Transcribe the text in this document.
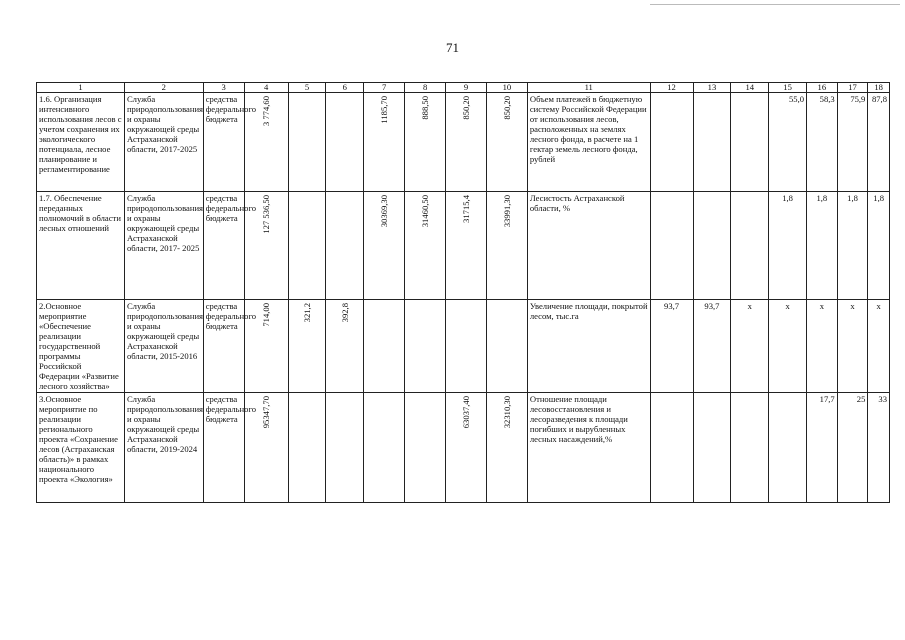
71
1	2	3	4	5	6	7	8	9	10	11	12	13	14	15	16	17	18
1.6. Организация интенсивного использования лесов с учетом сохранения их экологического потенциала, лесное планирование и регламентирование	Служба природопользования и охраны окружающей среды Астраханской области, 2017-2025	средства федерального бюджета	3 774,60			1185,70	888,50	850,20	850,20	Объем платежей в бюджетную систему Российской Федерации от использования лесов, расположенных на землях лесного фонда, в расчете на 1 гектар земель лесного фонда, рублей				55,0	58,3	75,9	87,8
1.7. Обеспечение переданных полномочий в области лесных отношений	Служба природопользования и охраны окружающей среды Астраханской области, 2017- 2025	средства федерального бюджета	127 536,50			30369,30	31460,50	31715,4	33991,30	Лесистость Астраханской области, %				1,8	1,8	1,8	1,8
2.Основное мероприятие «Обеспечение реализации государственной программы Российской Федерации «Развитие лесного хозяйства»	Служба природопользования и охраны окружающей среды Астраханской области, 2015-2016	средства федерального бюджета	714,00	321,2	392,8					Увеличение площади, покрытой лесом, тыс.га	93,7	93,7	x	x	x	x	x
3.Основное мероприятие по реализации регионального проекта «Сохранение лесов (Астраханская область)» в рамках национального проекта «Экология»	Служба природопользования и охраны окружающей среды Астраханской области, 2019-2024	средства федерального бюджета	95347,70					63037,40	32310,30	Отношение площади лесовосстановления и лесоразведения к площади погибших и вырубленных лесных насаждений,%					17,7	25	33
